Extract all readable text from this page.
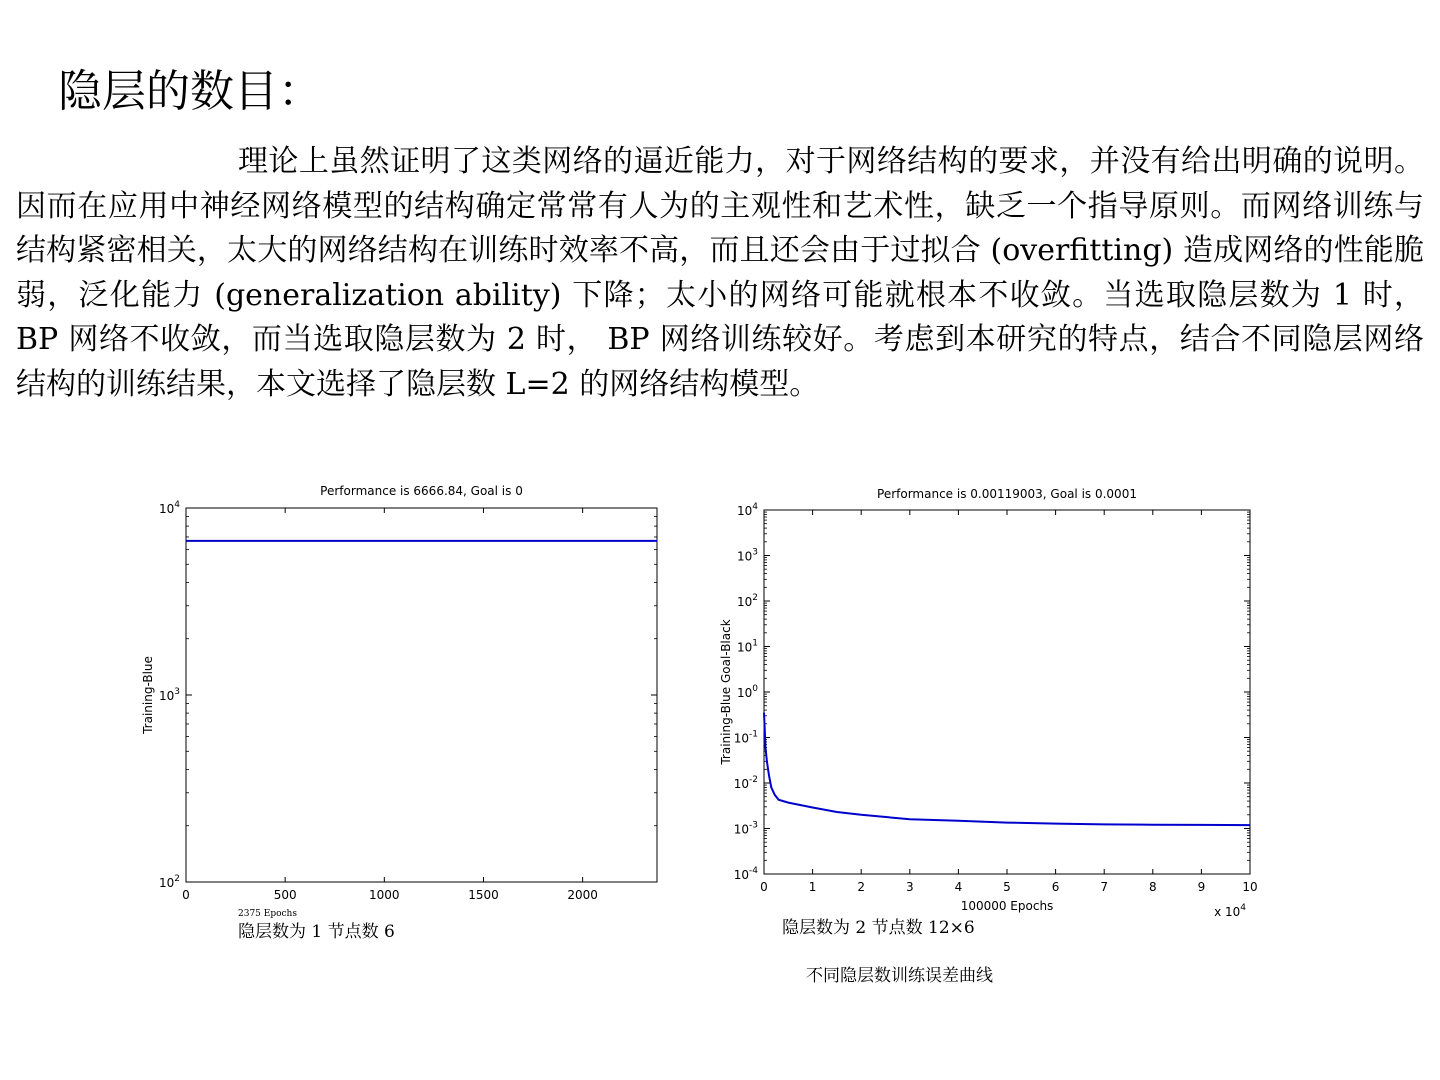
隐层的数目：

理论上虽然证明了这类网络的逼近能力，对于网络结构的要求，并没有给出明确的说明。因而在应用中神经网络模型的结构确定常常有人为的主观性和艺术性，缺乏一个指导原则。而网络训练与结构紧密相关，太大的网络结构在训练时效率不高，而且还会由于过拟合 (overfitting) 造成网络的性能脆弱，泛化能力 (generalization ability) 下降；太小的网络可能就根本不收敛。当选取隐层数为 1 时， BP 网络不收敛，而当选取隐层数为 2 时， BP 网络训练较好。考虑到本研究的特点，结合不同隐层网络结构的训练结果，本文选择了隐层数 L=2 的网络结构模型。

Performance is 6666.84, Goal is 0
0	500	1000	1500	2000
$10^2$
$10^3$
$10^4$
Training-Blue
2375 Epochs
隐层数为 1 节点数 6
Performance is 0.00119003, Goal is 0.0001
0	1	2	3	4	5	6	7	8	9	10
$10^{-4}$
$10^{-3}$
$10^{-2}$
$10^{-1}$
$10^0$
$10^1$
$10^2$
$10^3$
$10^4$
Training-Blue Goal-Black
100000 Epochs	x $10^4$
隐层数为 2 节点数 12×6
不同隐层数训练误差曲线
